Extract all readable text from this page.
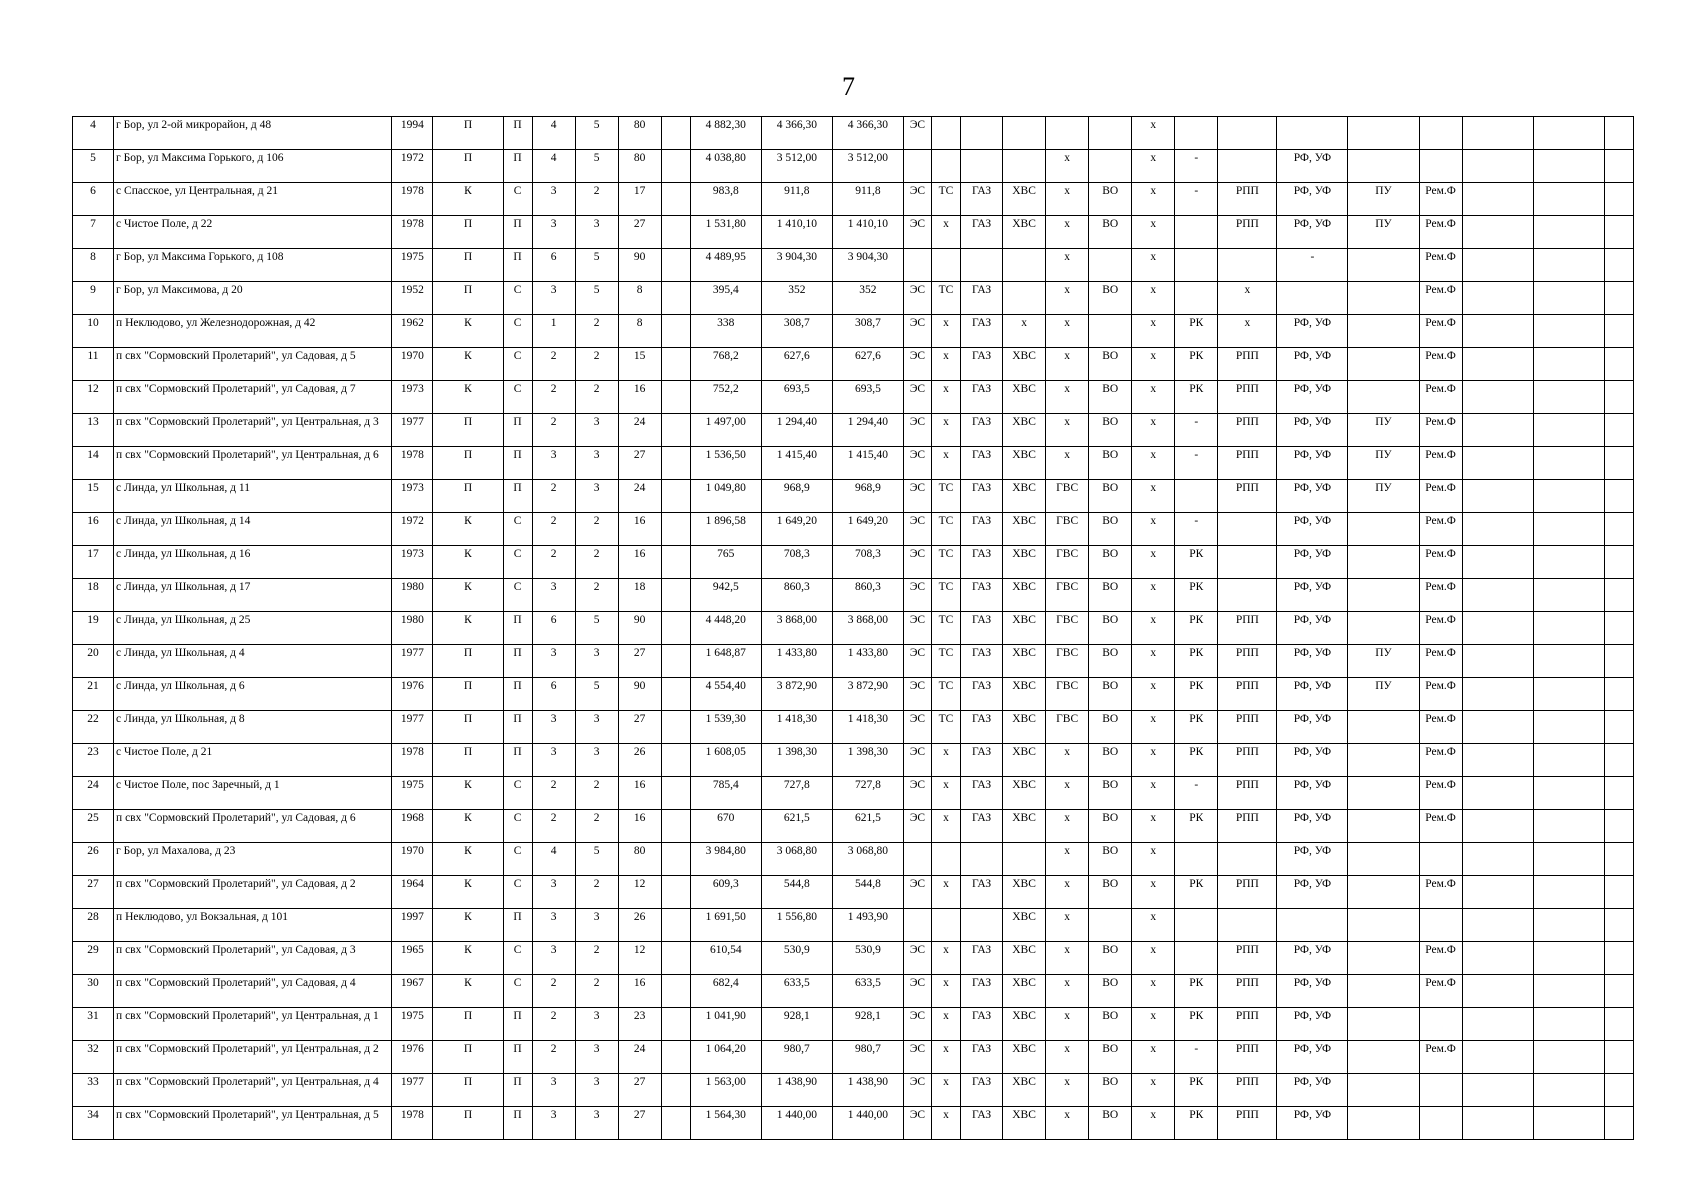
7
4	г Бор, ул 2-ой микрорайон, д 48	1994	П	П	4	5	80		4 882,30	4 366,30	4 366,30	ЭС						х								
5	г Бор, ул Максима Горького, д 106	1972	П	П	4	5	80		4 038,80	3 512,00	3 512,00					х		х	-		РФ, УФ					
6	с Спасское, ул Центральная, д 21	1978	К	С	3	2	17		983,8	911,8	911,8	ЭС	ТС	ГАЗ	ХВС	х	ВО	х	-	РПП	РФ, УФ	ПУ	Рем.Ф			
7	с Чистое Поле, д 22	1978	П	П	3	3	27		1 531,80	1 410,10	1 410,10	ЭС	х	ГАЗ	ХВС	х	ВО	х		РПП	РФ, УФ	ПУ	Рем.Ф			
8	г Бор, ул Максима Горького, д 108	1975	П	П	6	5	90		4 489,95	3 904,30	3 904,30					х		х			-		Рем.Ф			
9	г Бор, ул Максимова, д 20	1952	П	С	3	5	8		395,4	352	352	ЭС	ТС	ГАЗ		х	ВО	х		х			Рем.Ф			
10	п Неклюдово, ул Железнодорожная, д 42	1962	К	С	1	2	8		338	308,7	308,7	ЭС	х	ГАЗ	х	х		х	РК	х	РФ, УФ		Рем.Ф			
11	п свх "Сормовский Пролетарий", ул Садовая, д 5	1970	К	С	2	2	15		768,2	627,6	627,6	ЭС	х	ГАЗ	ХВС	х	ВО	х	РК	РПП	РФ, УФ		Рем.Ф			
12	п свх "Сормовский Пролетарий", ул Садовая, д 7	1973	К	С	2	2	16		752,2	693,5	693,5	ЭС	х	ГАЗ	ХВС	х	ВО	х	РК	РПП	РФ, УФ		Рем.Ф			
13	п свх "Сормовский Пролетарий", ул Центральная, д 3	1977	П	П	2	3	24		1 497,00	1 294,40	1 294,40	ЭС	х	ГАЗ	ХВС	х	ВО	х	-	РПП	РФ, УФ	ПУ	Рем.Ф			
14	п свх "Сормовский Пролетарий", ул Центральная, д 6	1978	П	П	3	3	27		1 536,50	1 415,40	1 415,40	ЭС	х	ГАЗ	ХВС	х	ВО	х	-	РПП	РФ, УФ	ПУ	Рем.Ф			
15	с Линда, ул Школьная, д 11	1973	П	П	2	3	24		1 049,80	968,9	968,9	ЭС	ТС	ГАЗ	ХВС	ГВС	ВО	х		РПП	РФ, УФ	ПУ	Рем.Ф			
16	с Линда, ул Школьная, д 14	1972	К	С	2	2	16		1 896,58	1 649,20	1 649,20	ЭС	ТС	ГАЗ	ХВС	ГВС	ВО	х	-		РФ, УФ		Рем.Ф			
17	с Линда, ул Школьная, д 16	1973	К	С	2	2	16		765	708,3	708,3	ЭС	ТС	ГАЗ	ХВС	ГВС	ВО	х	РК		РФ, УФ		Рем.Ф			
18	с Линда, ул Школьная, д 17	1980	К	С	3	2	18		942,5	860,3	860,3	ЭС	ТС	ГАЗ	ХВС	ГВС	ВО	х	РК		РФ, УФ		Рем.Ф			
19	с Линда, ул Школьная, д 25	1980	К	П	6	5	90		4 448,20	3 868,00	3 868,00	ЭС	ТС	ГАЗ	ХВС	ГВС	ВО	х	РК	РПП	РФ, УФ		Рем.Ф			
20	с Линда, ул Школьная, д 4	1977	П	П	3	3	27		1 648,87	1 433,80	1 433,80	ЭС	ТС	ГАЗ	ХВС	ГВС	ВО	х	РК	РПП	РФ, УФ	ПУ	Рем.Ф			
21	с Линда, ул Школьная, д 6	1976	П	П	6	5	90		4 554,40	3 872,90	3 872,90	ЭС	ТС	ГАЗ	ХВС	ГВС	ВО	х	РК	РПП	РФ, УФ	ПУ	Рем.Ф			
22	с Линда, ул Школьная, д 8	1977	П	П	3	3	27		1 539,30	1 418,30	1 418,30	ЭС	ТС	ГАЗ	ХВС	ГВС	ВО	х	РК	РПП	РФ, УФ		Рем.Ф			
23	с Чистое Поле, д 21	1978	П	П	3	3	26		1 608,05	1 398,30	1 398,30	ЭС	х	ГАЗ	ХВС	х	ВО	х	РК	РПП	РФ, УФ		Рем.Ф			
24	с Чистое Поле, пос Заречный, д 1	1975	К	С	2	2	16		785,4	727,8	727,8	ЭС	х	ГАЗ	ХВС	х	ВО	х	-	РПП	РФ, УФ		Рем.Ф			
25	п свх "Сормовский Пролетарий", ул Садовая, д 6	1968	К	С	2	2	16		670	621,5	621,5	ЭС	х	ГАЗ	ХВС	х	ВО	х	РК	РПП	РФ, УФ		Рем.Ф			
26	г Бор, ул Махалова, д 23	1970	К	С	4	5	80		3 984,80	3 068,80	3 068,80					х	ВО	х			РФ, УФ					
27	п свх "Сормовский Пролетарий", ул Садовая, д 2	1964	К	С	3	2	12		609,3	544,8	544,8	ЭС	х	ГАЗ	ХВС	х	ВО	х	РК	РПП	РФ, УФ		Рем.Ф			
28	п Неклюдово, ул Вокзальная, д 101	1997	К	П	3	3	26		1 691,50	1 556,80	1 493,90				ХВС	х		х								
29	п свх "Сормовский Пролетарий", ул Садовая, д 3	1965	К	С	3	2	12		610,54	530,9	530,9	ЭС	х	ГАЗ	ХВС	х	ВО	х		РПП	РФ, УФ		Рем.Ф			
30	п свх "Сормовский Пролетарий", ул Садовая, д 4	1967	К	С	2	2	16		682,4	633,5	633,5	ЭС	х	ГАЗ	ХВС	х	ВО	х	РК	РПП	РФ, УФ		Рем.Ф			
31	п свх "Сормовский Пролетарий", ул Центральная, д 1	1975	П	П	2	3	23		1 041,90	928,1	928,1	ЭС	х	ГАЗ	ХВС	х	ВО	х	РК	РПП	РФ, УФ					
32	п свх "Сормовский Пролетарий", ул Центральная, д 2	1976	П	П	2	3	24		1 064,20	980,7	980,7	ЭС	х	ГАЗ	ХВС	х	ВО	х	-	РПП	РФ, УФ		Рем.Ф			
33	п свх "Сормовский Пролетарий", ул Центральная, д 4	1977	П	П	3	3	27		1 563,00	1 438,90	1 438,90	ЭС	х	ГАЗ	ХВС	х	ВО	х	РК	РПП	РФ, УФ					
34	п свх "Сормовский Пролетарий", ул Центральная, д 5	1978	П	П	3	3	27		1 564,30	1 440,00	1 440,00	ЭС	х	ГАЗ	ХВС	х	ВО	х	РК	РПП	РФ, УФ					
